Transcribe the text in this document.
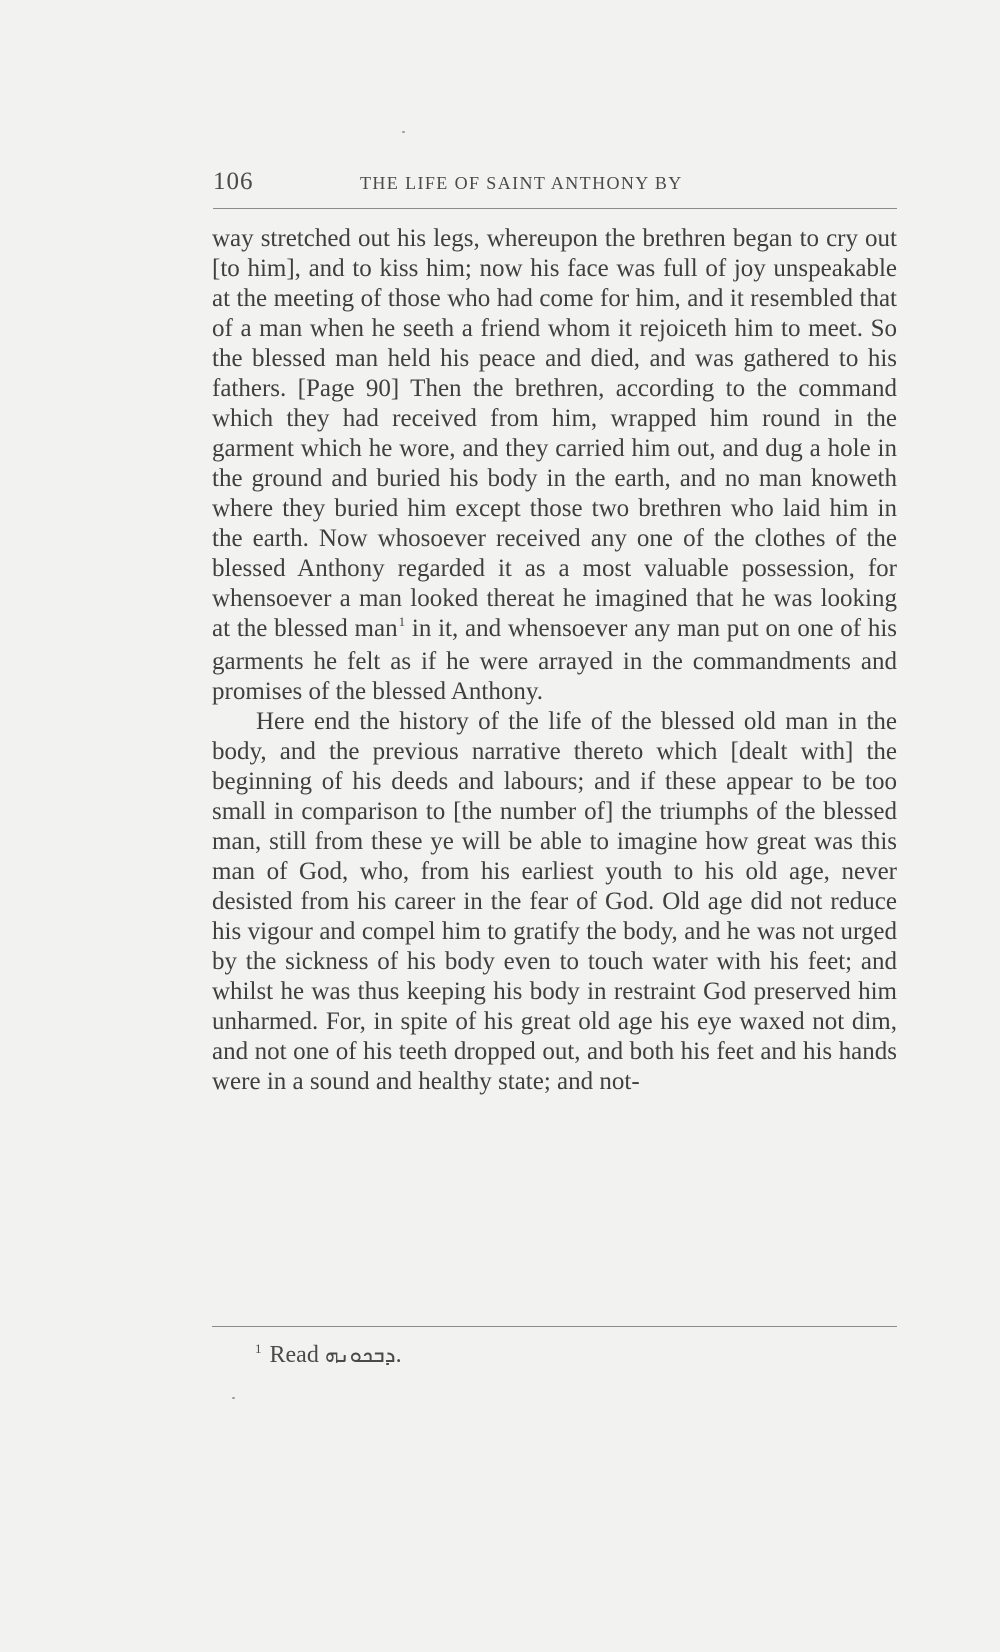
106	THE LIFE OF SAINT ANTHONY BY

way stretched out his legs, whereupon the brethren began to cry out [to him], and to kiss him; now his face was full of joy unspeakable at the meeting of those who had come for him, and it resembled that of a man when he seeth a friend whom it rejoiceth him to meet. So the blessed man held his peace and died, and was gathered to his fathers. [Page 90] Then the brethren, according to the command which they had received from him, wrapped him round in the garment which he wore, and they carried him out, and dug a hole in the ground and buried his body in the earth, and no man knoweth where they buried him except those two brethren who laid him in the earth. Now whosoever received any one of the clothes of the blessed Anthony regarded it as a most valuable possession, for whensoever a man looked thereat he imagined that he was looking at the blessed man$^1$ in it, and whensoever any man put on one of his garments he felt as if he were arrayed in the commandments and promises of the blessed Anthony.

Here end the history of the life of the blessed old man in the body, and the previous narrative thereto which [dealt with] the beginning of his deeds and labours; and if these appear to be too small in comparison to [the number of] the triumphs of the blessed man, still from these ye will be able to imagine how great was this man of God, who, from his earliest youth to his old age, never desisted from his career in the fear of God. Old age did not reduce his vigour and compel him to gratify the body, and he was not urged by the sickness of his body even to touch water with his feet; and whilst he was thus keeping his body in restraint God preserved him unharmed. For, in spite of his great old age his eye waxed not dim, and not one of his teeth dropped out, and both his feet and his hands were in a sound and healthy state; and not-

$^1$ Read ܕܒܟܘܢܗ.
